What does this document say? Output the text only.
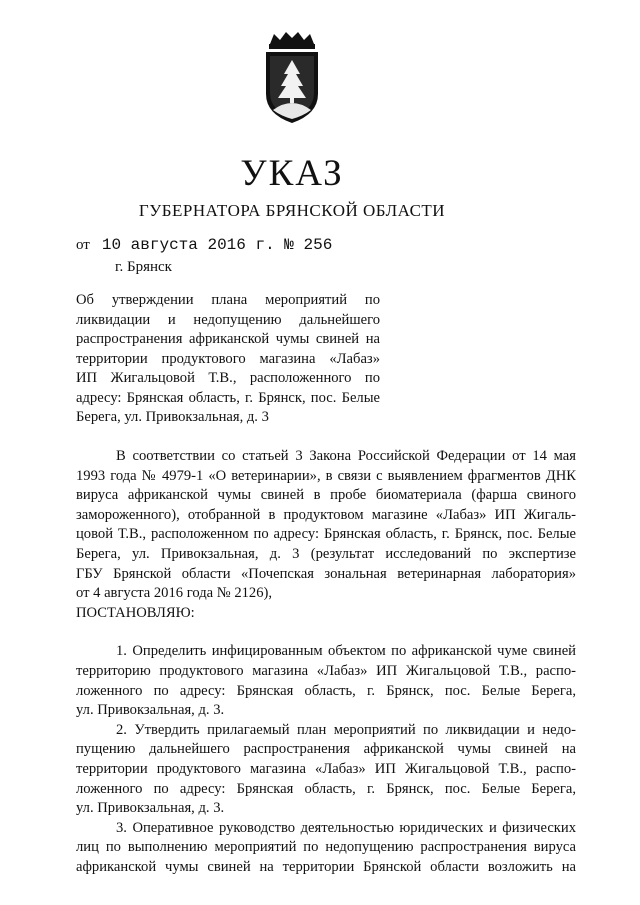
УКАЗ
ГУБЕРНАТОРА БРЯНСКОЙ ОБЛАСТИ
от 10 августа 2016 г. № 256
г. Брянск
Об утверждении плана мероприятий по
ликвидации и недопущению дальнейшего
распространения африканской чумы свиней на
территории продуктового магазина «Лабаз»
ИП Жигальцовой Т.В., расположенного по
адресу: Брянская область, г. Брянск, пос. Белые
Берега, ул. Привокзальная, д. 3
В соответствии со статьей 3 Закона Российской Федерации от 14 мая
1993 года № 4979-1 «О ветеринарии», в связи с выявлением фрагментов ДНК
вируса африканской чумы свиней в пробе биоматериала (фарша свиного
замороженного), отобранной в продуктовом магазине «Лабаз» ИП Жигаль-
цовой Т.В., расположенном по адресу: Брянская область, г. Брянск, пос. Белые
Берега, ул. Привокзальная, д. 3 (результат исследований по экспертизе
ГБУ Брянской области «Почепская зональная ветеринарная лаборатория»
от 4 августа 2016 года № 2126),
ПОСТАНОВЛЯЮ:
1. Определить инфицированным объектом по африканской чуме свиней
территорию продуктового магазина «Лабаз» ИП Жигальцовой Т.В., распо-
ложенного по адресу: Брянская область, г. Брянск, пос. Белые Берега,
ул. Привокзальная, д. 3.
2. Утвердить прилагаемый план мероприятий по ликвидации и недо-
пущению дальнейшего распространения африканской чумы свиней на
территории продуктового магазина «Лабаз» ИП Жигальцовой Т.В., распо-
ложенного по адресу: Брянская область, г. Брянск, пос. Белые Берега,
ул. Привокзальная, д. 3.
3. Оперативное руководство деятельностью юридических и физических
лиц по выполнению мероприятий по недопущению распространения вируса
африканской чумы свиней на территории Брянской области возложить на
